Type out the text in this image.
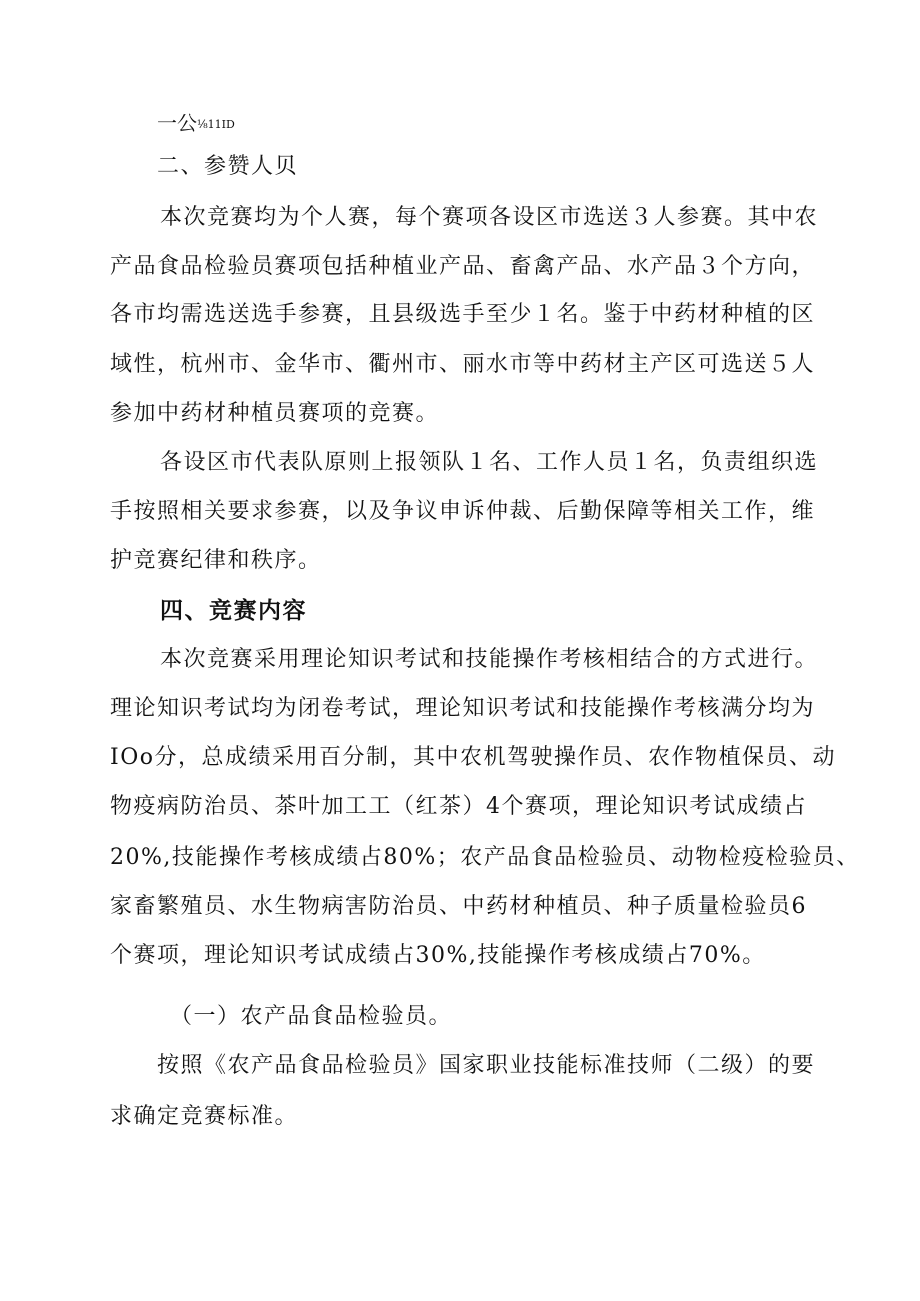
一公⅛11ID
二、参赞人贝
本次竞赛均为个人赛，每个赛项各设区市选送３人参赛。其中农
产品食品检验员赛项包括种植业产品、畜禽产品、水产品３个方向，
各市均需选送选手参赛，且县级选手至少１名。鉴于中药材种植的区
域性，杭州市、金华市、衢州市、丽水市等中药材主产区可选送５人
参加中药材种植员赛项的竞赛。
各设区市代表队原则上报领队１名、工作人员１名，负责组织选
手按照相关要求参赛，以及争议申诉仲裁、后勤保障等相关工作，维
护竞赛纪律和秩序。
四、竞赛内容
本次竞赛采用理论知识考试和技能操作考核相结合的方式进行。
理论知识考试均为闭卷考试，理论知识考试和技能操作考核满分均为
IOo分，总成绩采用百分制，其中农机驾驶操作员、农作物植保员、动
物疫病防治员、茶叶加工工（红茶）4个赛项，理论知识考试成绩占
20%,技能操作考核成绩占80%；农产品食品检验员、动物检疫检验员、
家畜繁殖员、水生物病害防治员、中药材种植员、种子质量检验员6
个赛项，理论知识考试成绩占30%,技能操作考核成绩占70%。
（一）农产品食品检验员。
按照《农产品食品检验员》国家职业技能标准技师（二级）的要
求确定竞赛标准。
